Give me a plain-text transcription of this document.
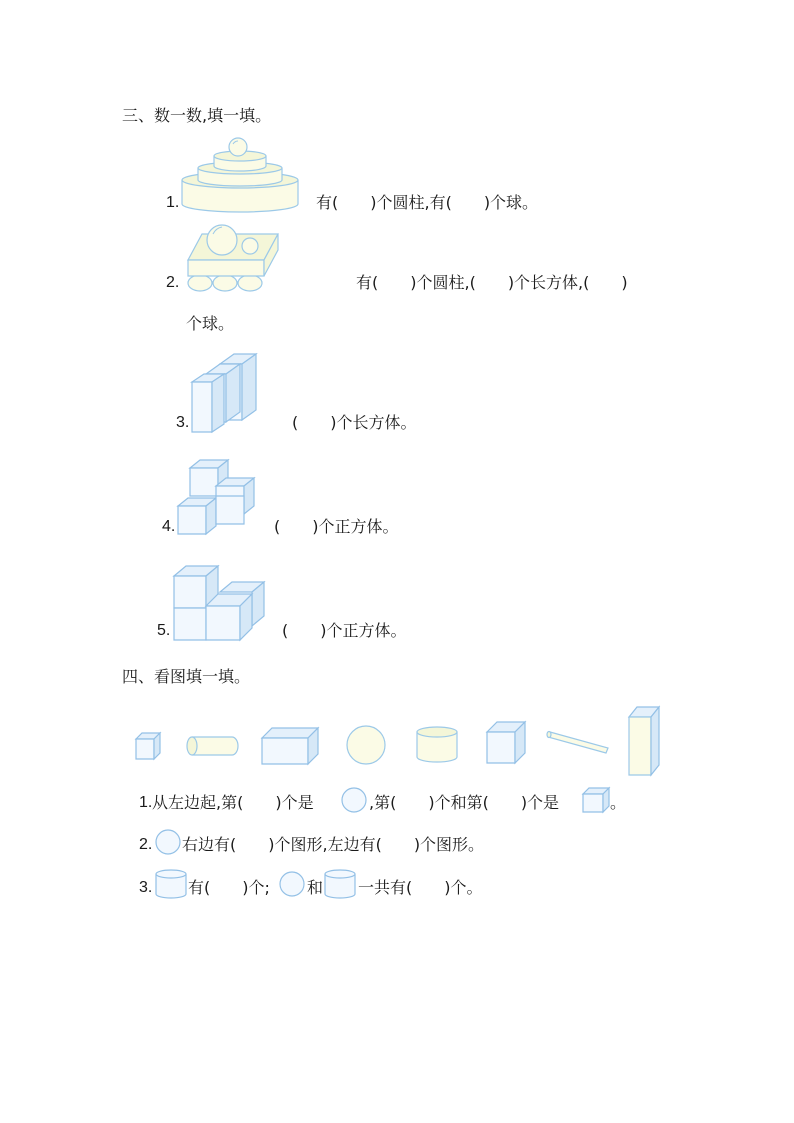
三、数一数,填一填。
1.	有(　　)个圆柱,有(　　)个球。
2.	有(　　)个圆柱,(　　)个长方体,(　　)
个球。
3.	(　　)个长方体。
4.	(　　)个正方体。
5.	(　　)个正方体。
四、看图填一填。
1. 从左边起,第(　　)个是	,第(　　)个和第(　　)个是	。
2. 右边有(　　)个图形,左边有(　　)个图形。
3. 有(　　)个; 和 一共有(　　)个。
